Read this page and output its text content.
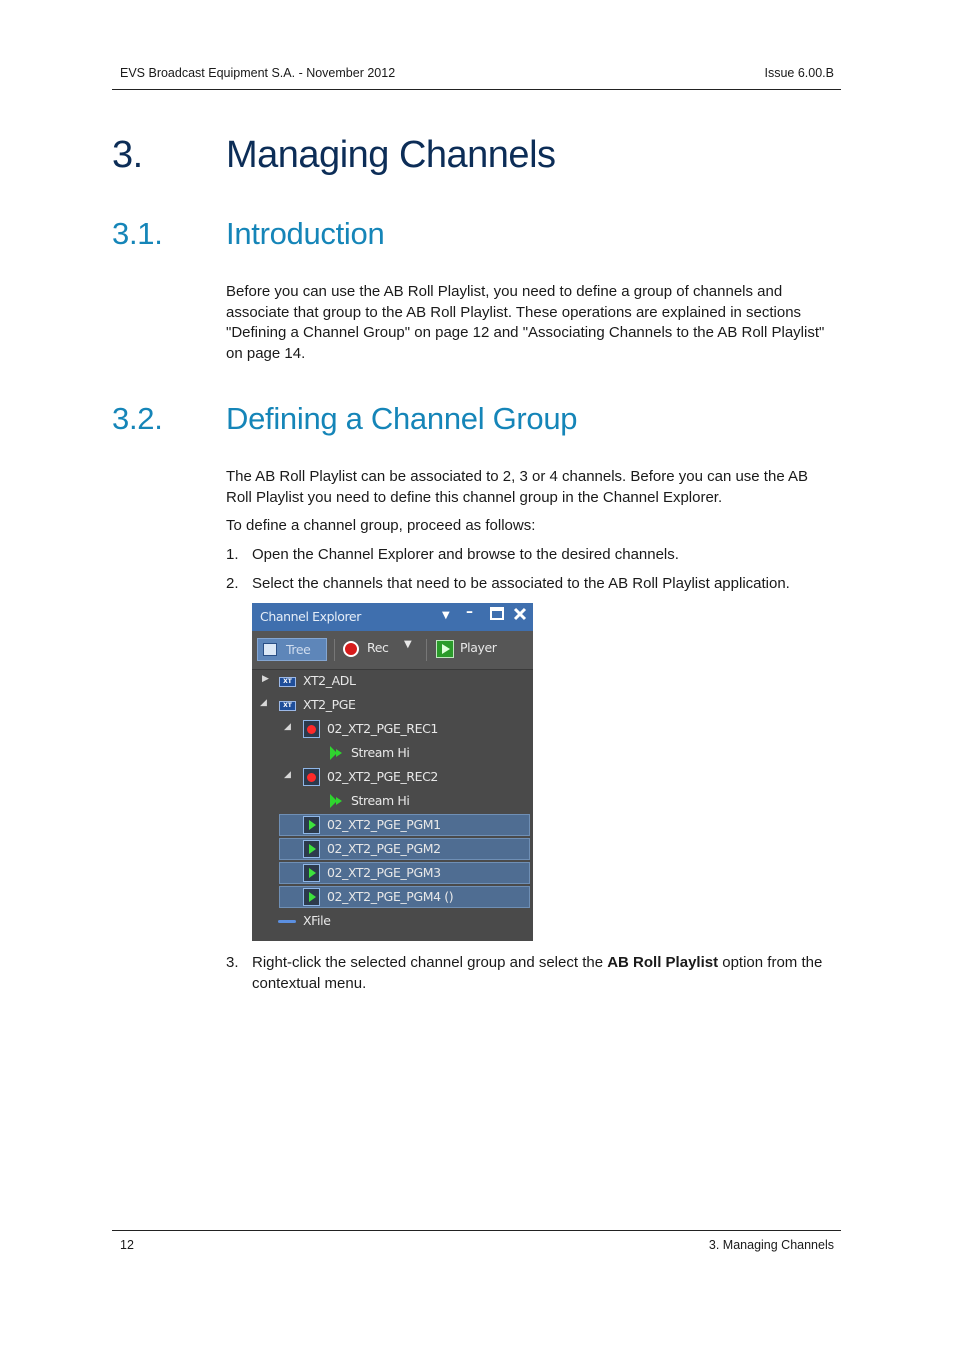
EVS Broadcast Equipment S.A. - November 2012	Issue 6.00.B
3. Managing Channels
3.1. Introduction

Before you can use the AB Roll Playlist, you need to define a group of channels and associate that group to the AB Roll Playlist. These operations are explained in sections "Defining a Channel Group" on page 12 and "Associating Channels to the AB Roll Playlist" on page 14.

3.2. Defining a Channel Group

The AB Roll Playlist can be associated to 2, 3 or 4 channels. Before you can use the AB Roll Playlist you need to define this channel group in the Channel Explorer.

To define a channel group, proceed as follows:

1. Open the Channel Explorer and browse to the desired channels.
2. Select the channels that need to be associated to the AB Roll Playlist application.
Channel Explorer	▼ –
Tree	Rec ▼	Player
▶	XT XT2_ADL
◢	XT XT2_PGE
◢	02_XT2_PGE_REC1
Stream Hi
◢	02_XT2_PGE_REC2
Stream Hi
02_XT2_PGE_PGM1
02_XT2_PGE_PGM2
02_XT2_PGE_PGM3
02_XT2_PGE_PGM4 ()
XFile
3. Right-click the selected channel group and select the AB Roll Playlist option from the contextual menu.
12	3. Managing Channels
